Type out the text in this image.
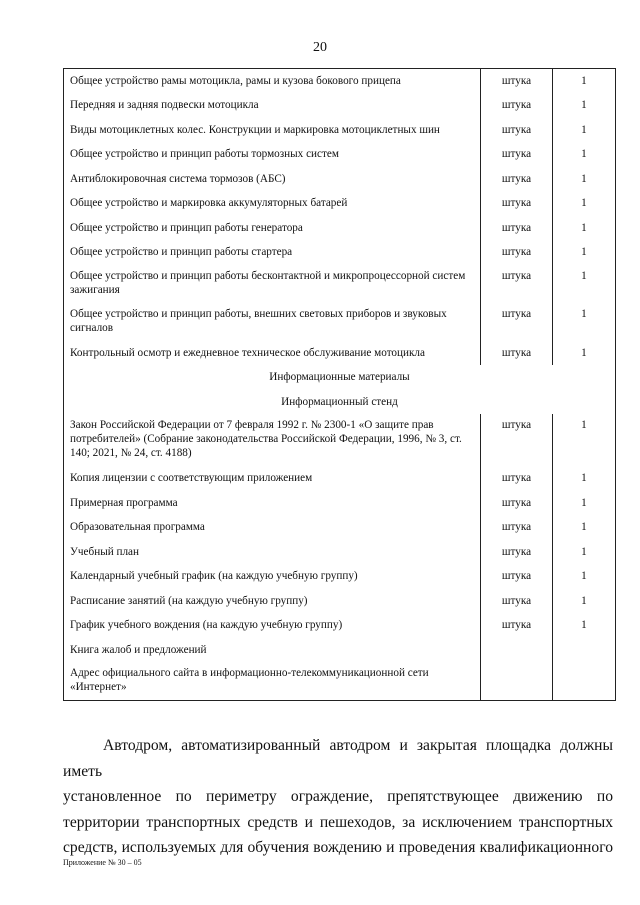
20
Общее устройство рамы мотоцикла, рамы и кузова бокового прицепа	штука	1
Передняя и задняя подвески мотоцикла	штука	1
Виды мотоциклетных колес. Конструкции и маркировка мотоциклетных шин	штука	1
Общее устройство и принцип работы тормозных систем	штука	1
Антиблокировочная система тормозов (АБС)	штука	1
Общее устройство и маркировка аккумуляторных батарей	штука	1
Общее устройство и принцип работы генератора	штука	1
Общее устройство и принцип работы стартера	штука	1
Общее устройство и принцип работы бесконтактной и микропроцессорной систем зажигания	штука	1
Общее устройство и принцип работы, внешних световых приборов и звуковых сигналов	штука	1
Контрольный осмотр и ежедневное техническое обслуживание мотоцикла	штука	1
Информационные материалы		
Информационный стенд		
Закон Российской Федерации от 7 февраля 1992 г. № 2300-1 «О защите прав потребителей» (Собрание законодательства Российской Федерации, 1996, № 3, ст. 140; 2021, № 24, ст. 4188)	штука	1
Копия лицензии с соответствующим приложением	штука	1
Примерная программа	штука	1
Образовательная программа	штука	1
Учебный план	штука	1
Календарный учебный график (на каждую учебную группу)	штука	1
Расписание занятий (на каждую учебную группу)	штука	1
График учебного вождения (на каждую учебную группу)	штука	1
Книга жалоб и предложений		
Адрес официального сайта в информационно-телекоммуникационной сети «Интернет»		
Автодром, автоматизированный автодром и закрытая площадка должны иметь
установленное по периметру ограждение, препятствующее движению по
территории транспортных средств и пешеходов, за исключением транспортных
средств, используемых для обучения вождению и проведения квалификационного
Приложение № 30 – 05
